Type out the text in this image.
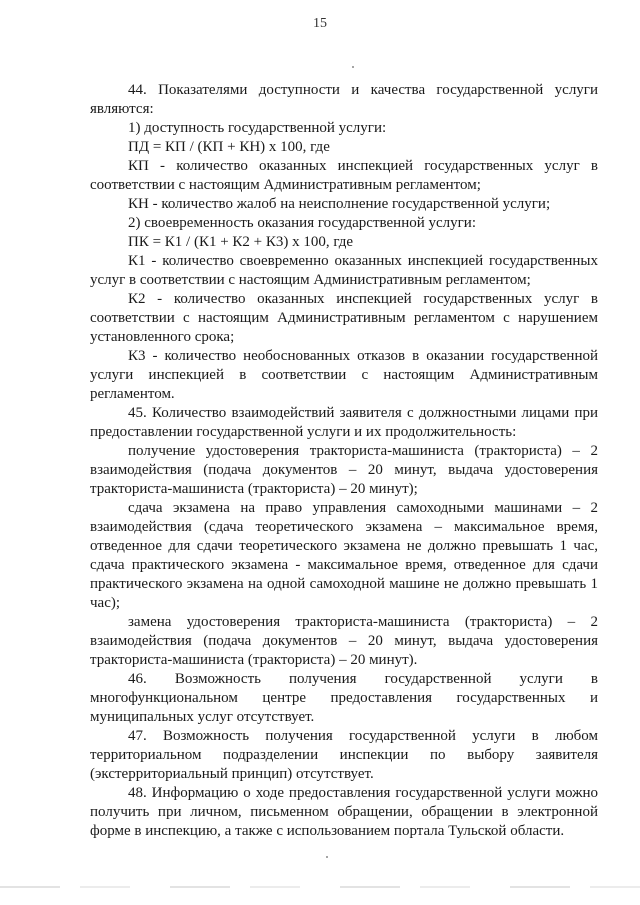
15

44. Показателями доступности и качества государственной услуги являются:

1) доступность государственной услуги:

ПД = КП / (КП + КН) х 100, где

КП - количество оказанных инспекцией государственных услуг в соответствии с настоящим Административным регламентом;

КН - количество жалоб на неисполнение государственной услуги;

2) своевременность оказания государственной услуги:

ПК = К1 / (К1 + К2 + К3) х 100, где

К1 - количество своевременно оказанных инспекцией государственных услуг в соответствии с настоящим Административным регламентом;

К2 - количество оказанных инспекцией государственных услуг в соответствии с настоящим Административным регламентом с нарушением установленного срока;

К3 - количество необоснованных отказов в оказании государственной услуги инспекцией в соответствии с настоящим Административным регламентом.

45. Количество взаимодействий заявителя с должностными лицами при предоставлении государственной услуги и их продолжительность:

получение удостоверения тракториста-машиниста (тракториста) – 2 взаимодействия (подача документов – 20 минут, выдача удостоверения тракториста-машиниста (тракториста) – 20 минут);

сдача экзамена на право управления самоходными машинами – 2 взаимодействия (сдача теоретического экзамена – максимальное время, отведенное для сдачи теоретического экзамена не должно превышать 1 час, сдача практического экзамена - максимальное время, отведенное для сдачи практического экзамена на одной самоходной машине не должно превышать 1 час);

замена удостоверения тракториста-машиниста (тракториста) – 2 взаимодействия (подача документов – 20 минут, выдача удостоверения тракториста-машиниста (тракториста) – 20 минут).

46. Возможность получения государственной услуги в многофункциональном центре предоставления государственных и муниципальных услуг отсутствует.

47. Возможность получения государственной услуги в любом территориальном подразделении инспекции по выбору заявителя (экстерриториальный принцип) отсутствует.

48. Информацию о ходе предоставления государственной услуги можно получить при личном, письменном обращении, обращении в электронной форме в инспекцию, а также с использованием портала Тульской области.
